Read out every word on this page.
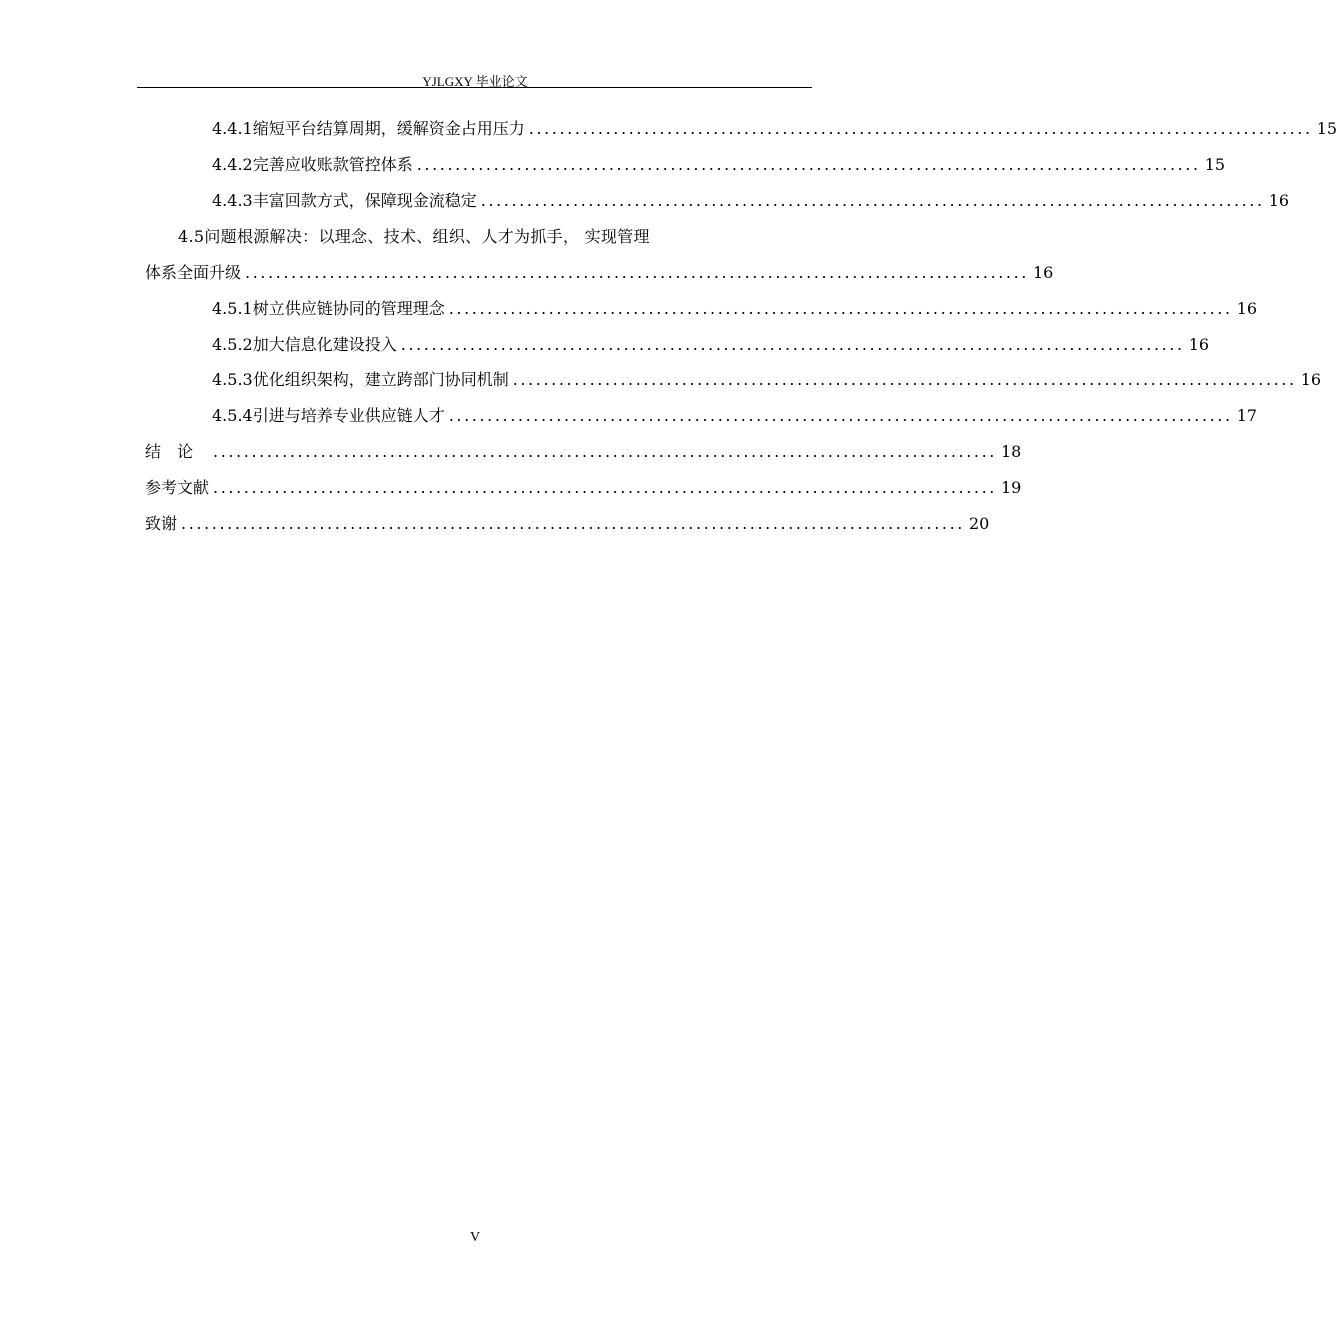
YJLGXY 毕业论文
4.4.1缩短平台结算周期，缓解资金占用压力 ...................................................................................................... 15
4.4.2完善应收账款管控体系 ...................................................................................................... 15
4.4.3丰富回款方式，保障现金流稳定 ...................................................................................................... 16
4.5问题根源解决：以理念、技术、组织、人才为抓手， 实现管理
体系全面升级 ...................................................................................................... 16
4.5.1树立供应链协同的管理理念 ...................................................................................................... 16
4.5.2加大信息化建设投入 ...................................................................................................... 16
4.5.3优化组织架构，建立跨部门协同机制 ...................................................................................................... 16
4.5.4引进与培养专业供应链人才 ...................................................................................................... 17
结论 ...................................................................................................... 18
参考文献 ...................................................................................................... 19
致谢 ...................................................................................................... 20
V
